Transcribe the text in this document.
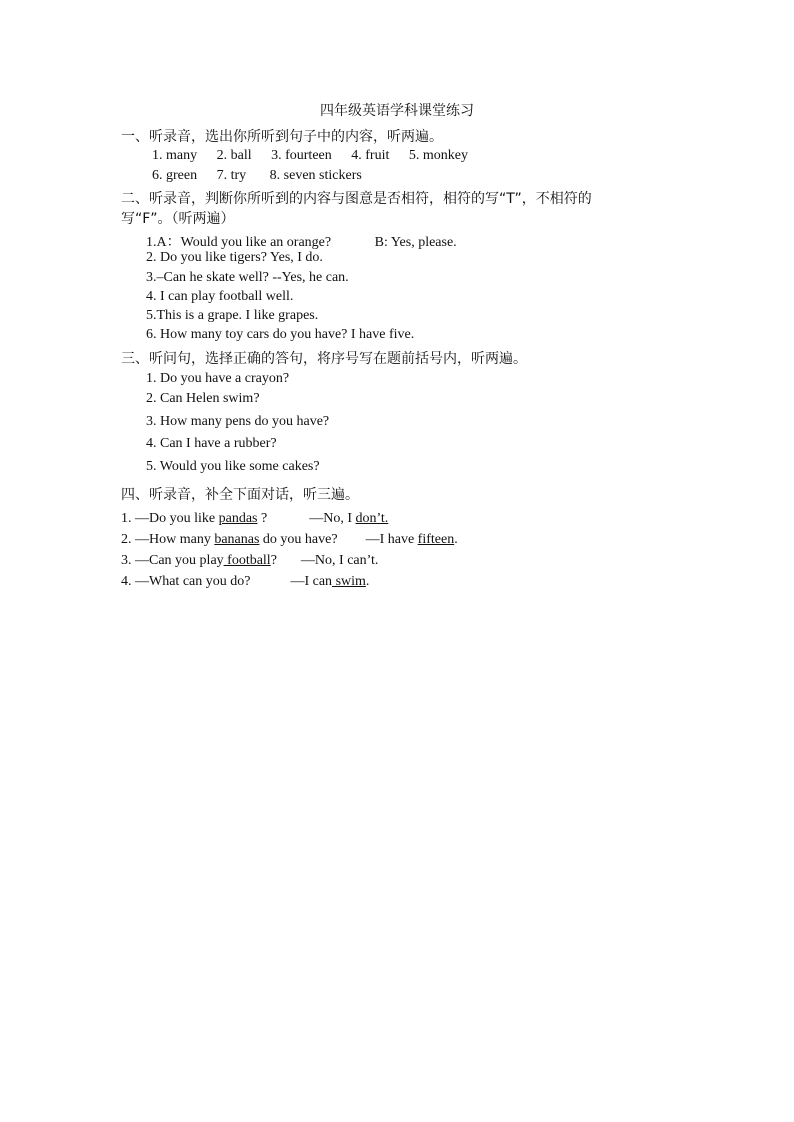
四年级英语学科课堂练习
一、听录音，选出你所听到句子中的内容，听两遍。
1. many 2. ball 3. fourteen 4. fruit 5. monkey
6. green 7. try 8. seven stickers
二、听录音，判断你所听到的内容与图意是否相符，相符的写“T”，不相符的
写“F”。（听两遍）
1.A：Would you like an orange?	B: Yes, please.
2. Do you like tigers? Yes, I do.
3.–Can he skate well? --Yes, he can.
4. I can play football well.
5.This is a grape. I like grapes.
6. How many toy cars do you have? I have five.
三、听问句，选择正确的答句，将序号写在题前括号内，听两遍。
1. Do you have a crayon?
2. Can Helen swim?
3. How many pens do you have?
4. Can I have a rubber?
5. Would you like some cakes?
四、听录音，补全下面对话，听三遍。
1. —Do you like pandas ?	—No, I don’t.
2. —How many bananas do you have? —I have fifteen.
3. —Can you play football? —No, I can’t.
4. —What can you do?	—I can swim.
